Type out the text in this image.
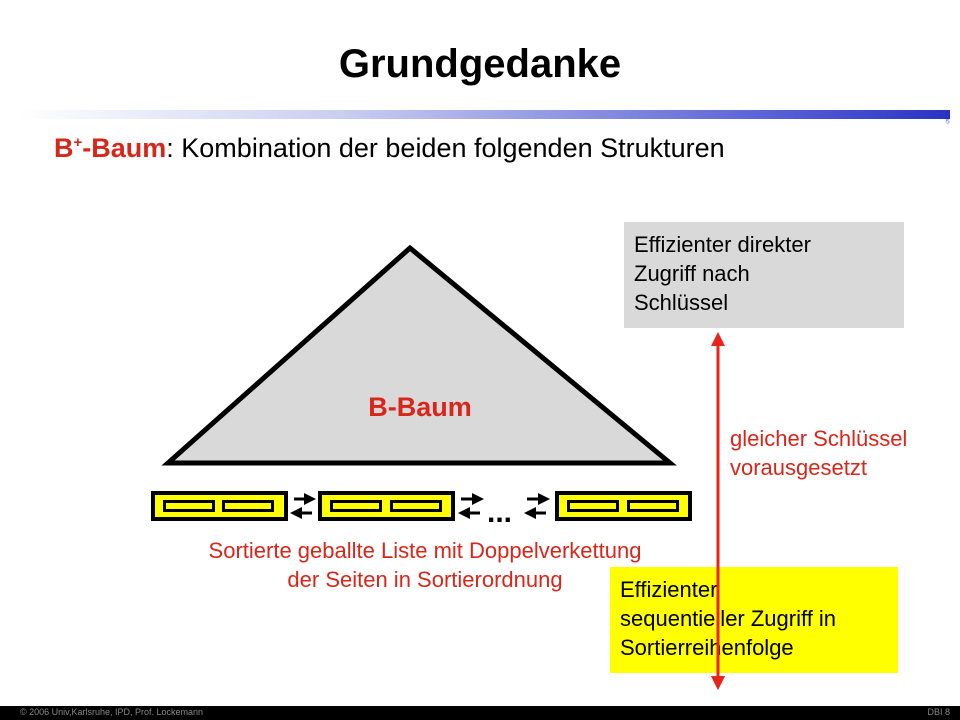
Grundgedanke
⁵
B+-Baum: Kombination der beiden folgenden Strukturen
B-Baum
...
Effizienter direkter
Zugriff nach
Schlüssel
Effizienter
sequentieller Zugriff in
Sortierreihenfolge
gleicher Schlüssel
vorausgesetzt
Sortierte geballte Liste mit Doppelverkettung
der Seiten in Sortierordnung
© 2006 Univ,Karlsruhe, IPD, Prof. Lockemann	DBI 8
